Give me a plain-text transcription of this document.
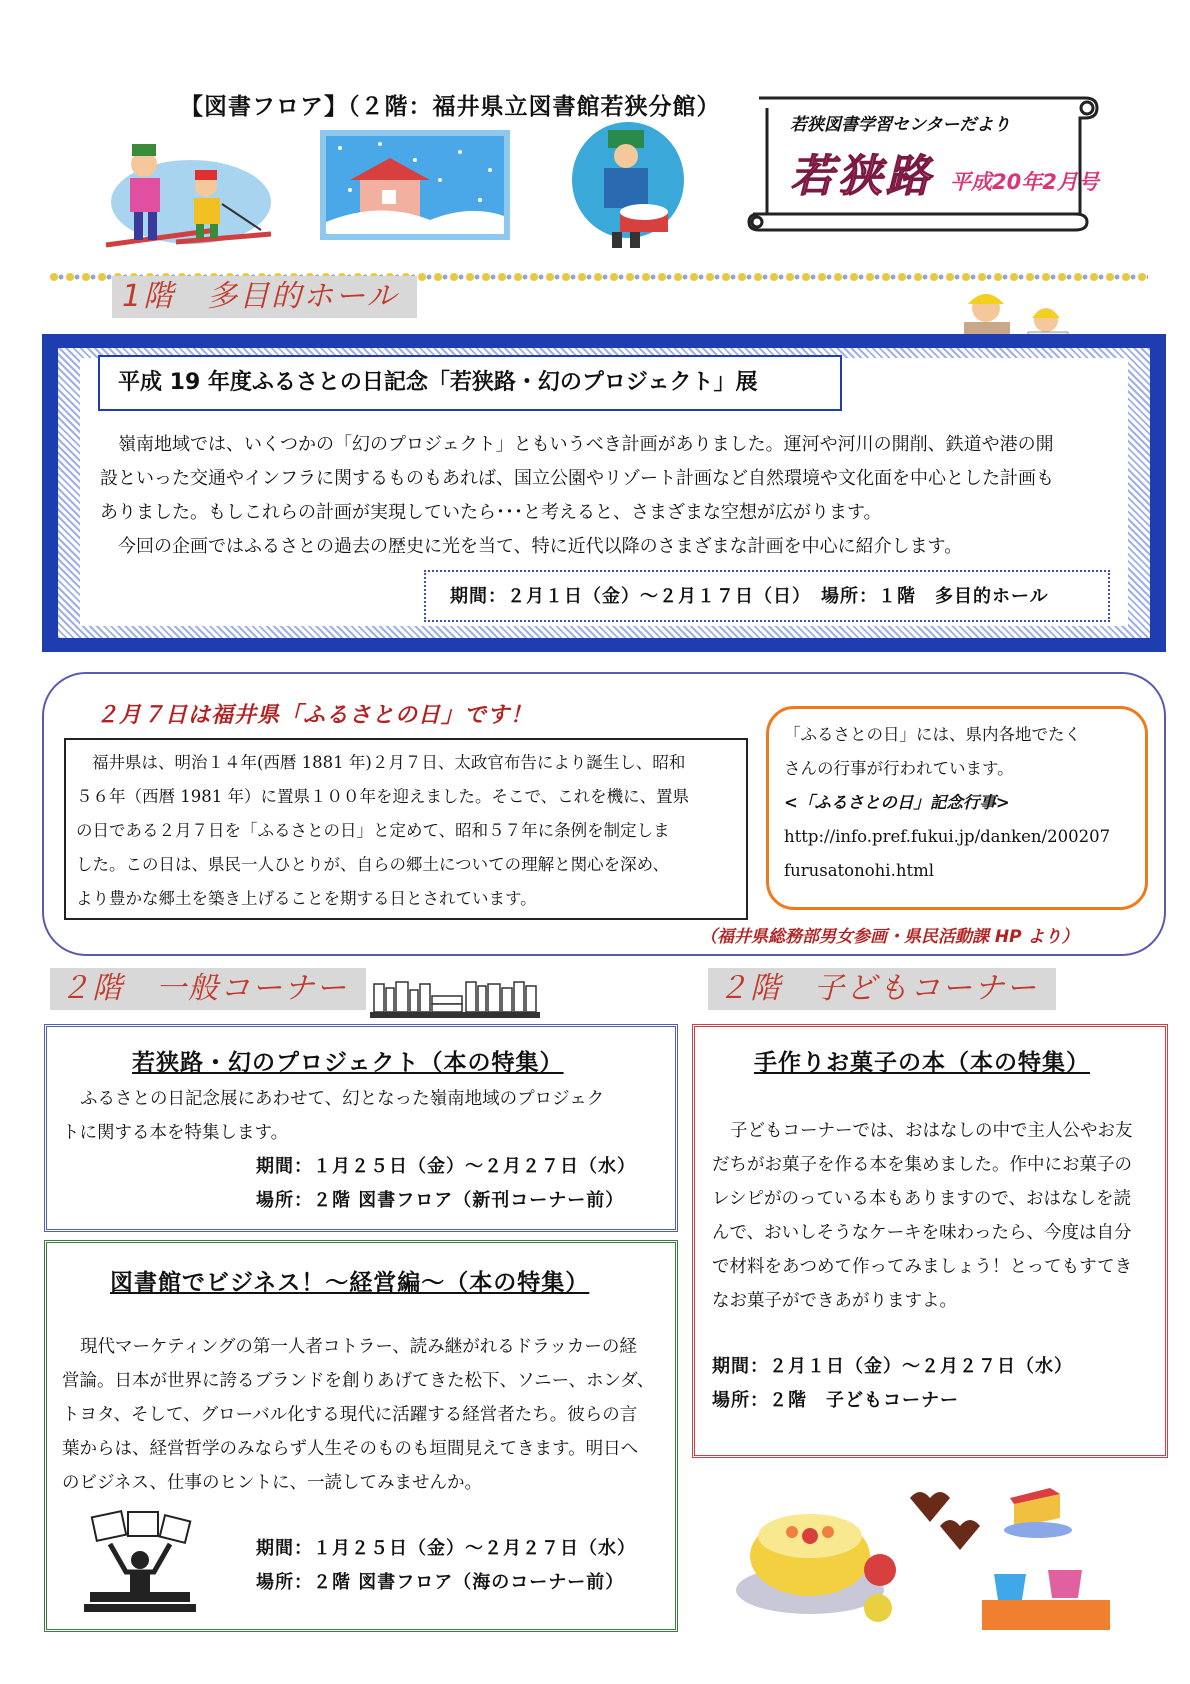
【図書フロア】（２階：福井県立図書館若狭分館）
若狭図書学習センターだより
若狭路 平成20年2月号
1階　多目的ホール
平成 19 年度ふるさとの日記念「若狭路・幻のプロジェクト」展

嶺南地域では、いくつかの「幻のプロジェクト」ともいうべき計画がありました。運河や河川の開削、鉄道や港の開

設といった交通やインフラに関するものもあれば、国立公園やリゾート計画など自然環境や文化面を中心とした計画も

ありました。もしこれらの計画が実現していたら･･･と考えると、さまざまな空想が広がります。

今回の企画ではふるさとの過去の歴史に光を当て、特に近代以降のさまざまな計画を中心に紹介します。

期間：２月１日（金）～２月１７日（日）　場所：１階　多目的ホール
２月７日は福井県「ふるさとの日」です！

福井県は、明治１４年(西暦 1881 年)２月７日、太政官布告により誕生し、昭和

５６年（西暦 1981 年）に置県１００年を迎えました。そこで、これを機に、置県

の日である２月７日を「ふるさとの日」と定めて、昭和５７年に条例を制定しま

した。この日は、県民一人ひとりが、自らの郷土についての理解と関心を深め、

より豊かな郷土を築き上げることを期する日とされています。

「ふるさとの日」には、県内各地でたく

さんの行事が行われています。

<「ふるさとの日」記念行事>

http://info.pref.fukui.jp/danken/200207

furusatonohi.html

（福井県総務部男女参画・県民活動課 HP より）
２階　一般コーナー
若狭路・幻のプロジェクト（本の特集）

ふるさとの日記念展にあわせて、幻となった嶺南地域のプロジェク

トに関する本を特集します。

期間：１月２５日（金）～２月２７日（水）

場所：２階 図書フロア（新刊コーナー前）

図書館でビジネス！～経営編～（本の特集）

現代マーケティングの第一人者コトラー、読み継がれるドラッカーの経

営論。日本が世界に誇るブランドを創りあげてきた松下、ソニー、ホンダ、

トヨタ、そして、グローバル化する現代に活躍する経営者たち。彼らの言

葉からは、経営哲学のみならず人生そのものも垣間見えてきます。明日へ

のビジネス、仕事のヒントに、一読してみませんか。

期間：１月２５日（金）～２月２７日（水）

場所：２階 図書フロア（海のコーナー前）

２階　子どもコーナー
手作りお菓子の本（本の特集）

子どもコーナーでは、おはなしの中で主人公やお友

だちがお菓子を作る本を集めました。作中にお菓子の

レシピがのっている本もありますので、おはなしを読

んで、おいしそうなケーキを味わったら、今度は自分

で材料をあつめて作ってみましょう！とってもすてき

なお菓子ができあがりますよ。

期間：２月１日（金）～２月２７日（水）

場所：２階　子どもコーナー
